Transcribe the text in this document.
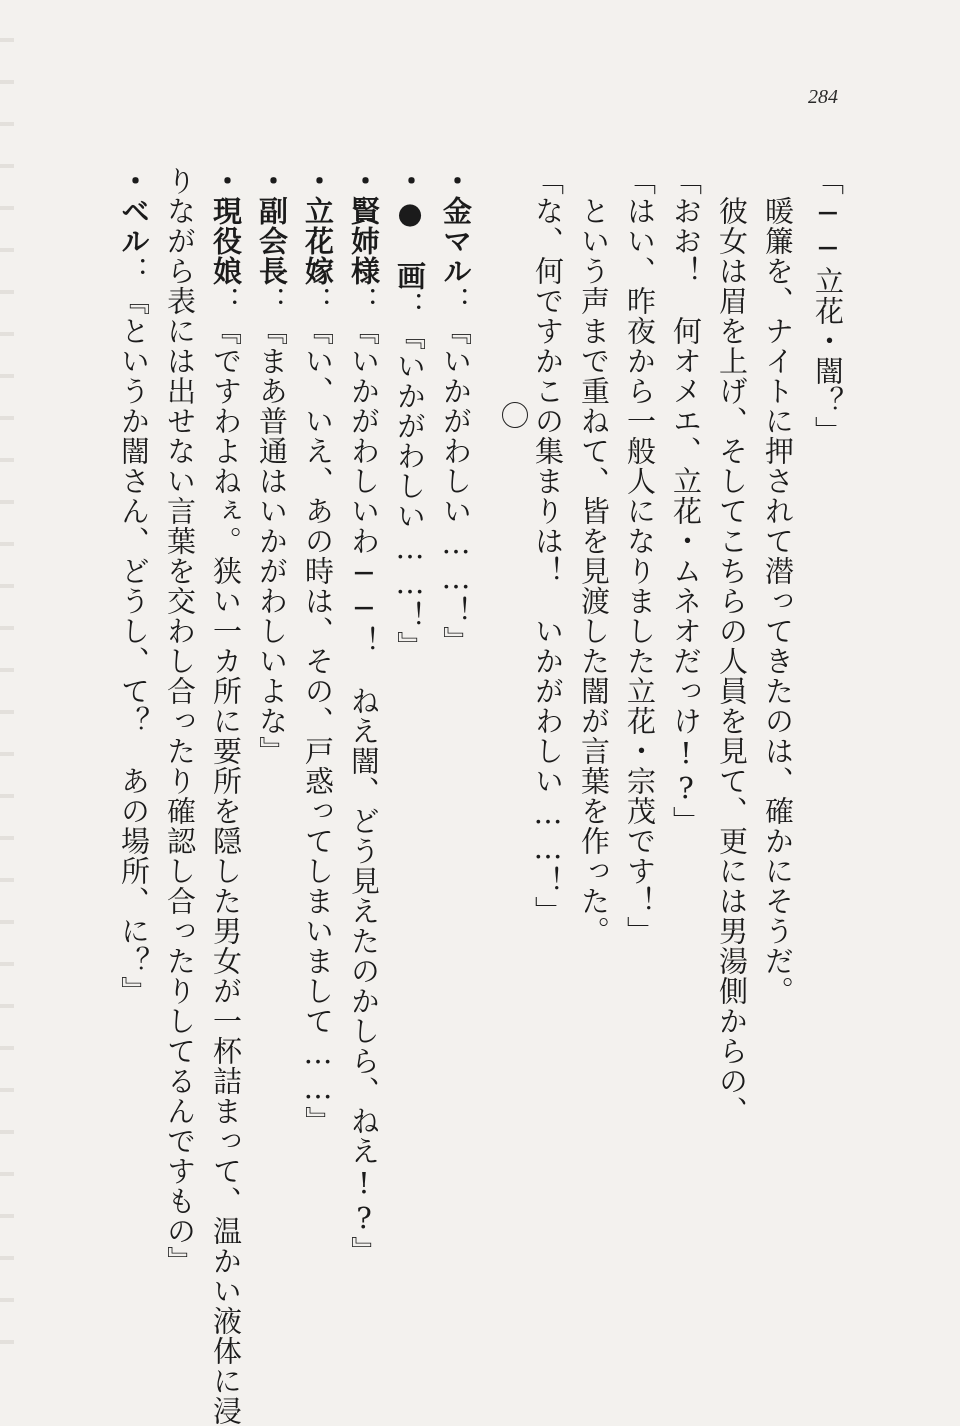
284
「──立花・闇？」
　暖簾を、ナイトに押されて潜ってきたのは、確かにそうだ。
　彼女は眉を上げ、そしてこちらの人員を見て、更には男湯側からの、
「おお！　何オメエ、立花・ムネオだっけ!?」
「はい、昨夜から一般人になりました立花・宗茂です！」
　という声まで重ねて、皆を見渡した闇が言葉を作った。
「な、何ですかこの集まりは！　いかがわしい……！」
・金マル：『いかがわしい……！』
・●　画：『いかがわしい……！』
・賢姉様：『いかがわしいわ──！　ねえ闇、どう見えたのかしら、ねえ!?』
・立花嫁：『い、いえ、あの時は、その、戸惑ってしまいまして……』
・副会長：『まあ普通はいかがわしいよな』
・現役娘：『ですわよねぇ。狭い一カ所に要所を隠した男女が一杯詰まって、温かい液体に浸
りながら表には出せない言葉を交わし合ったり確認し合ったりしてるんですもの』
・ベル：『というか闇さん、どうし、て？　あの場所、に？』
